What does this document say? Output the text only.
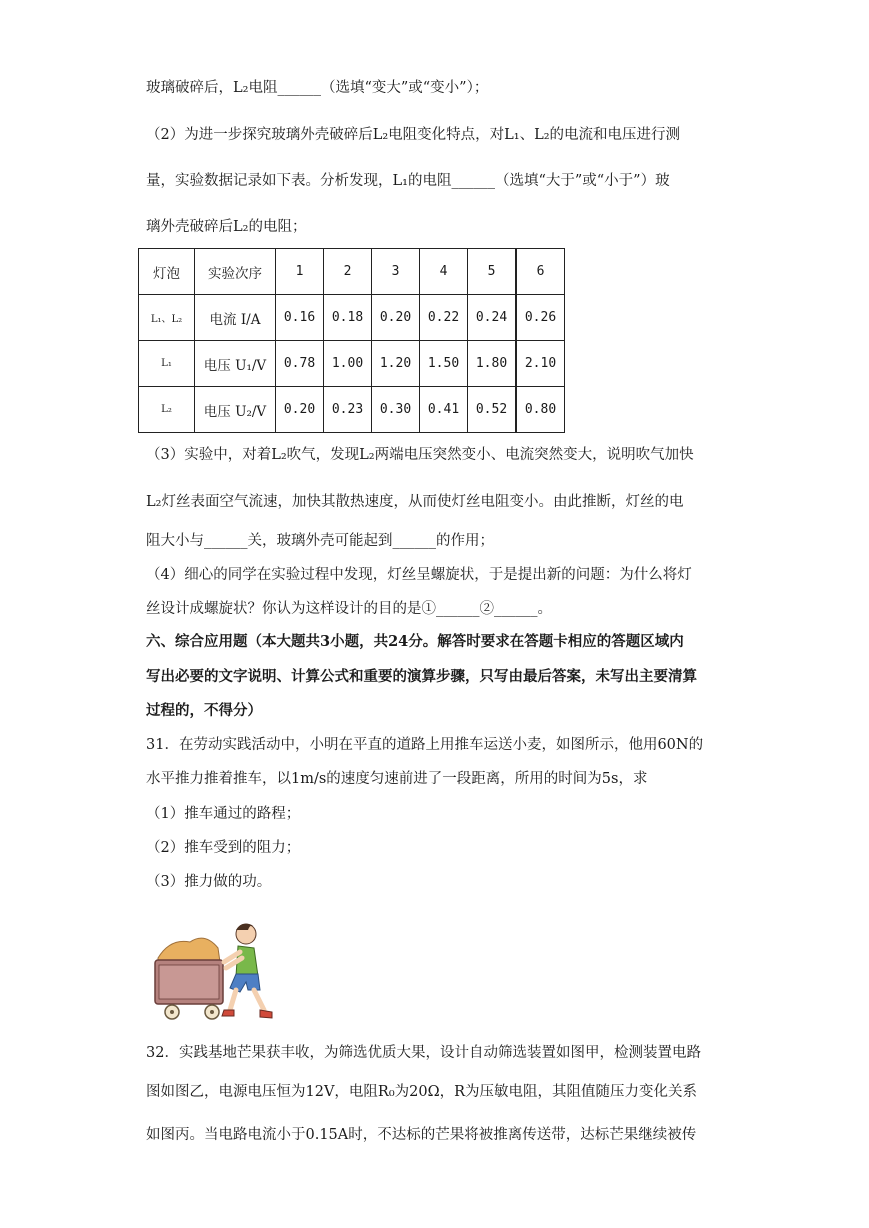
玻璃破碎后，L₂电阻______（选填“变大”或“变小”）；
（2）为进一步探究玻璃外壳破碎后L₂电阻变化特点，对L₁、L₂的电流和电压进行测
量，实验数据记录如下表。分析发现，L₁的电阻______（选填“大于”或“小于”）玻
璃外壳破碎后L₂的电阻；
灯泡	实验次序	1	2	3	4	5	6
L₁、L₂	电流 I/A	0.16	0.18	0.20	0.22	0.24	0.26
L₁	电压 U₁/V	0.78	1.00	1.20	1.50	1.80	2.10
L₂	电压 U₂/V	0.20	0.23	0.30	0.41	0.52	0.80
（3）实验中，对着L₂吹气，发现L₂两端电压突然变小、电流突然变大，说明吹气加快
L₂灯丝表面空气流速，加快其散热速度，从而使灯丝电阻变小。由此推断，灯丝的电
阻大小与______关，玻璃外壳可能起到______的作用；
（4）细心的同学在实验过程中发现，灯丝呈螺旋状，于是提出新的问题：为什么将灯
丝设计成螺旋状？你认为这样设计的目的是①______②______。
六、综合应用题（本大题共3小题，共24分。解答时要求在答题卡相应的答题区域内
写出必要的文字说明、计算公式和重要的演算步骤，只写由最后答案，未写出主要清算
过程的，不得分）
31．在劳动实践活动中，小明在平直的道路上用推车运送小麦，如图所示，他用60N的
水平推力推着推车，以1m/s的速度匀速前进了一段距离，所用的时间为5s，求
（1）推车通过的路程；
（2）推车受到的阻力；
（3）推力做的功。
32．实践基地芒果获丰收，为筛选优质大果，设计自动筛选装置如图甲，检测装置电路
图如图乙，电源电压恒为12V，电阻R₀为20Ω，R为压敏电阻，其阻值随压力变化关系
如图丙。当电路电流小于0.15A时，不达标的芒果将被推离传送带，达标芒果继续被传
